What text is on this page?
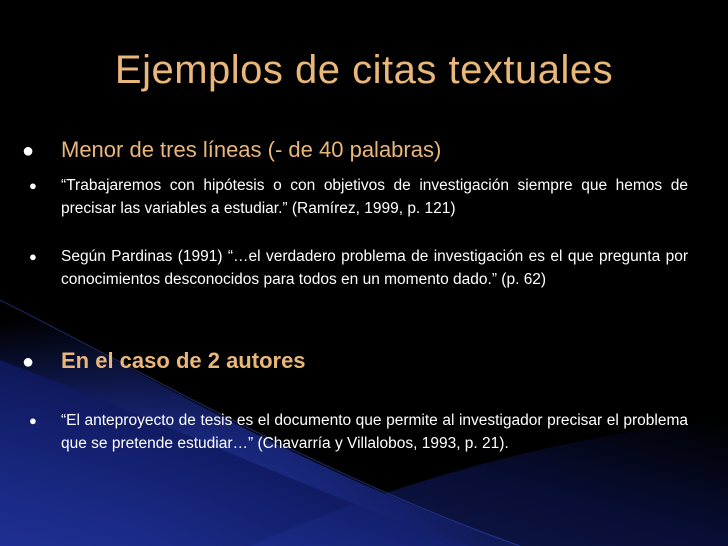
Ejemplos de citas textuales
● Menor de tres líneas (- de 40 palabras)
● “Trabajaremos con hipótesis o con objetivos de investigación siempre que hemos de precisar las variables a estudiar.” (Ramírez, 1999, p. 121)
● Según Pardinas (1991) “…el verdadero problema de investigación es el que pregunta por conocimientos desconocidos para todos en un momento dado.” (p. 62)
● En el caso de 2 autores
● “El anteproyecto de tesis es el documento que permite al investigador precisar el problema que se pretende estudiar…” (Chavarría y Villalobos, 1993, p. 21).
